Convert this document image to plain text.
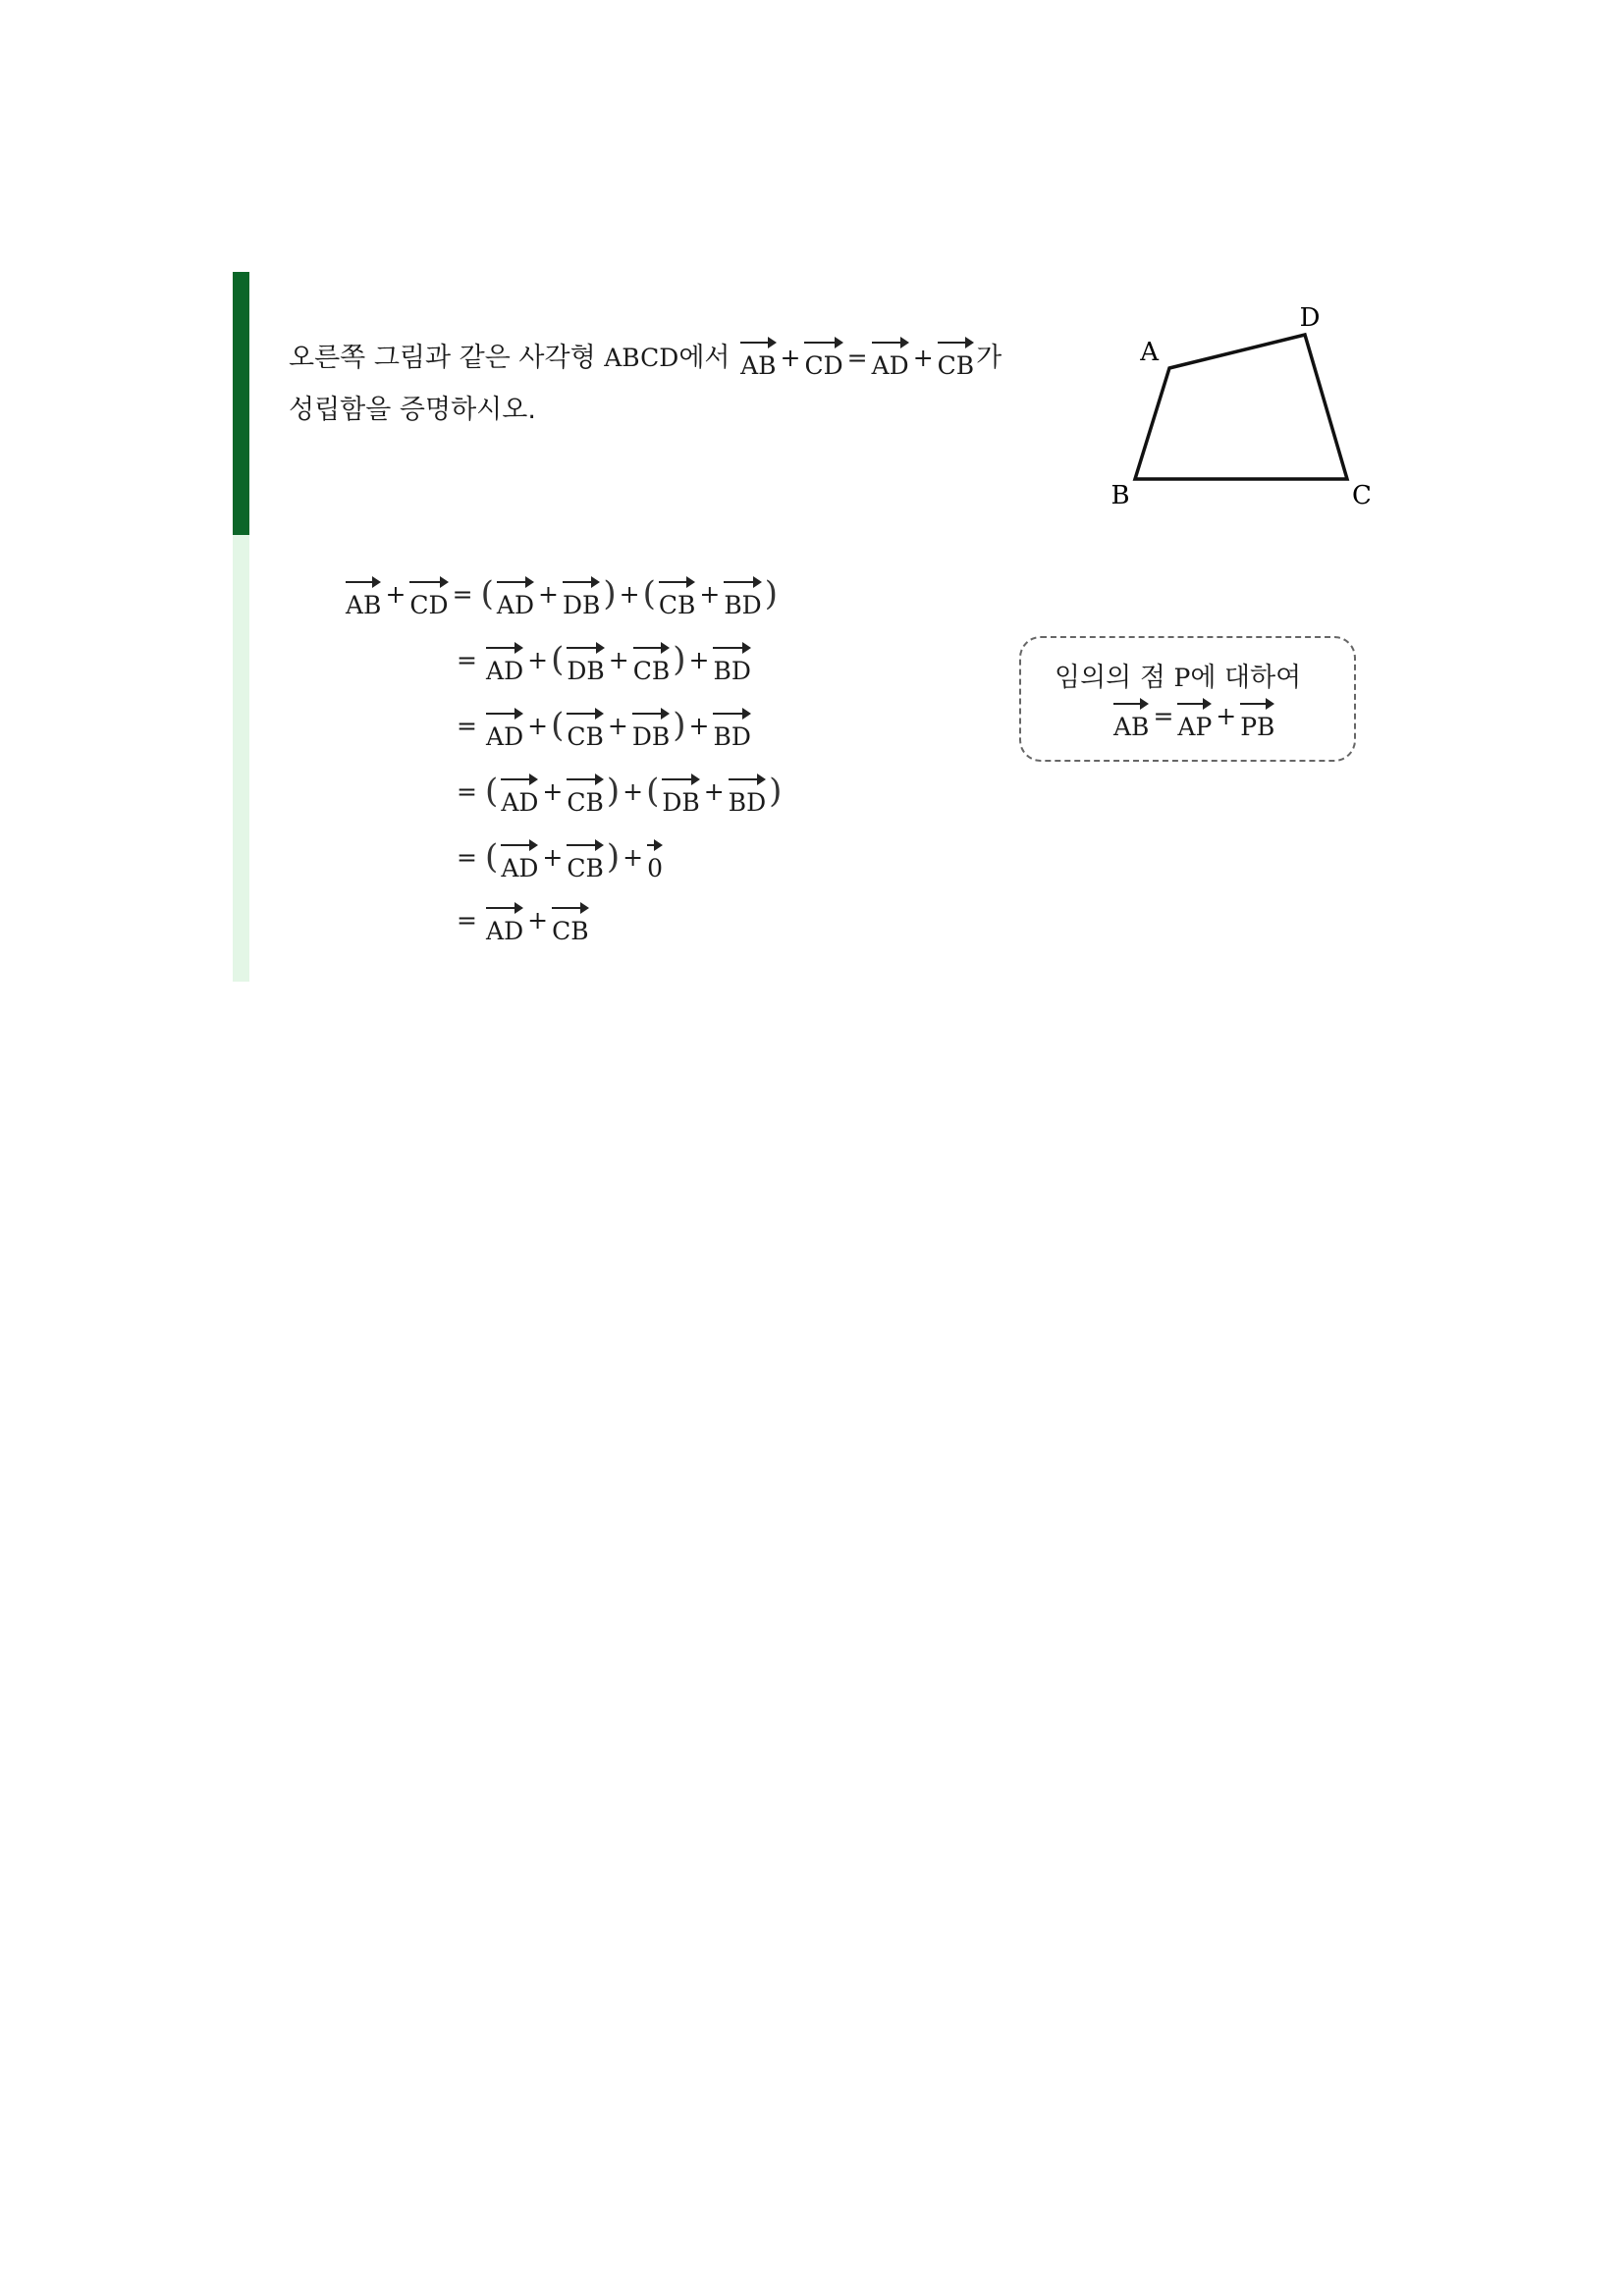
오른쪽 그림과 같은 사각형 ABCD에서 AB + CD = AD + CB가
성립함을 증명하시오.
A
B	C
D
AB + CD = ( AD + DB) +( CB + BD)
= AD +( DB + CB) + BD
= AD +( CB + DB) + BD
= ( AD + CB) +( DB + BD)
= ( AD + CB) + 0
= AD + CB
임의의 점 P에 대하여
AB = AP + PB
